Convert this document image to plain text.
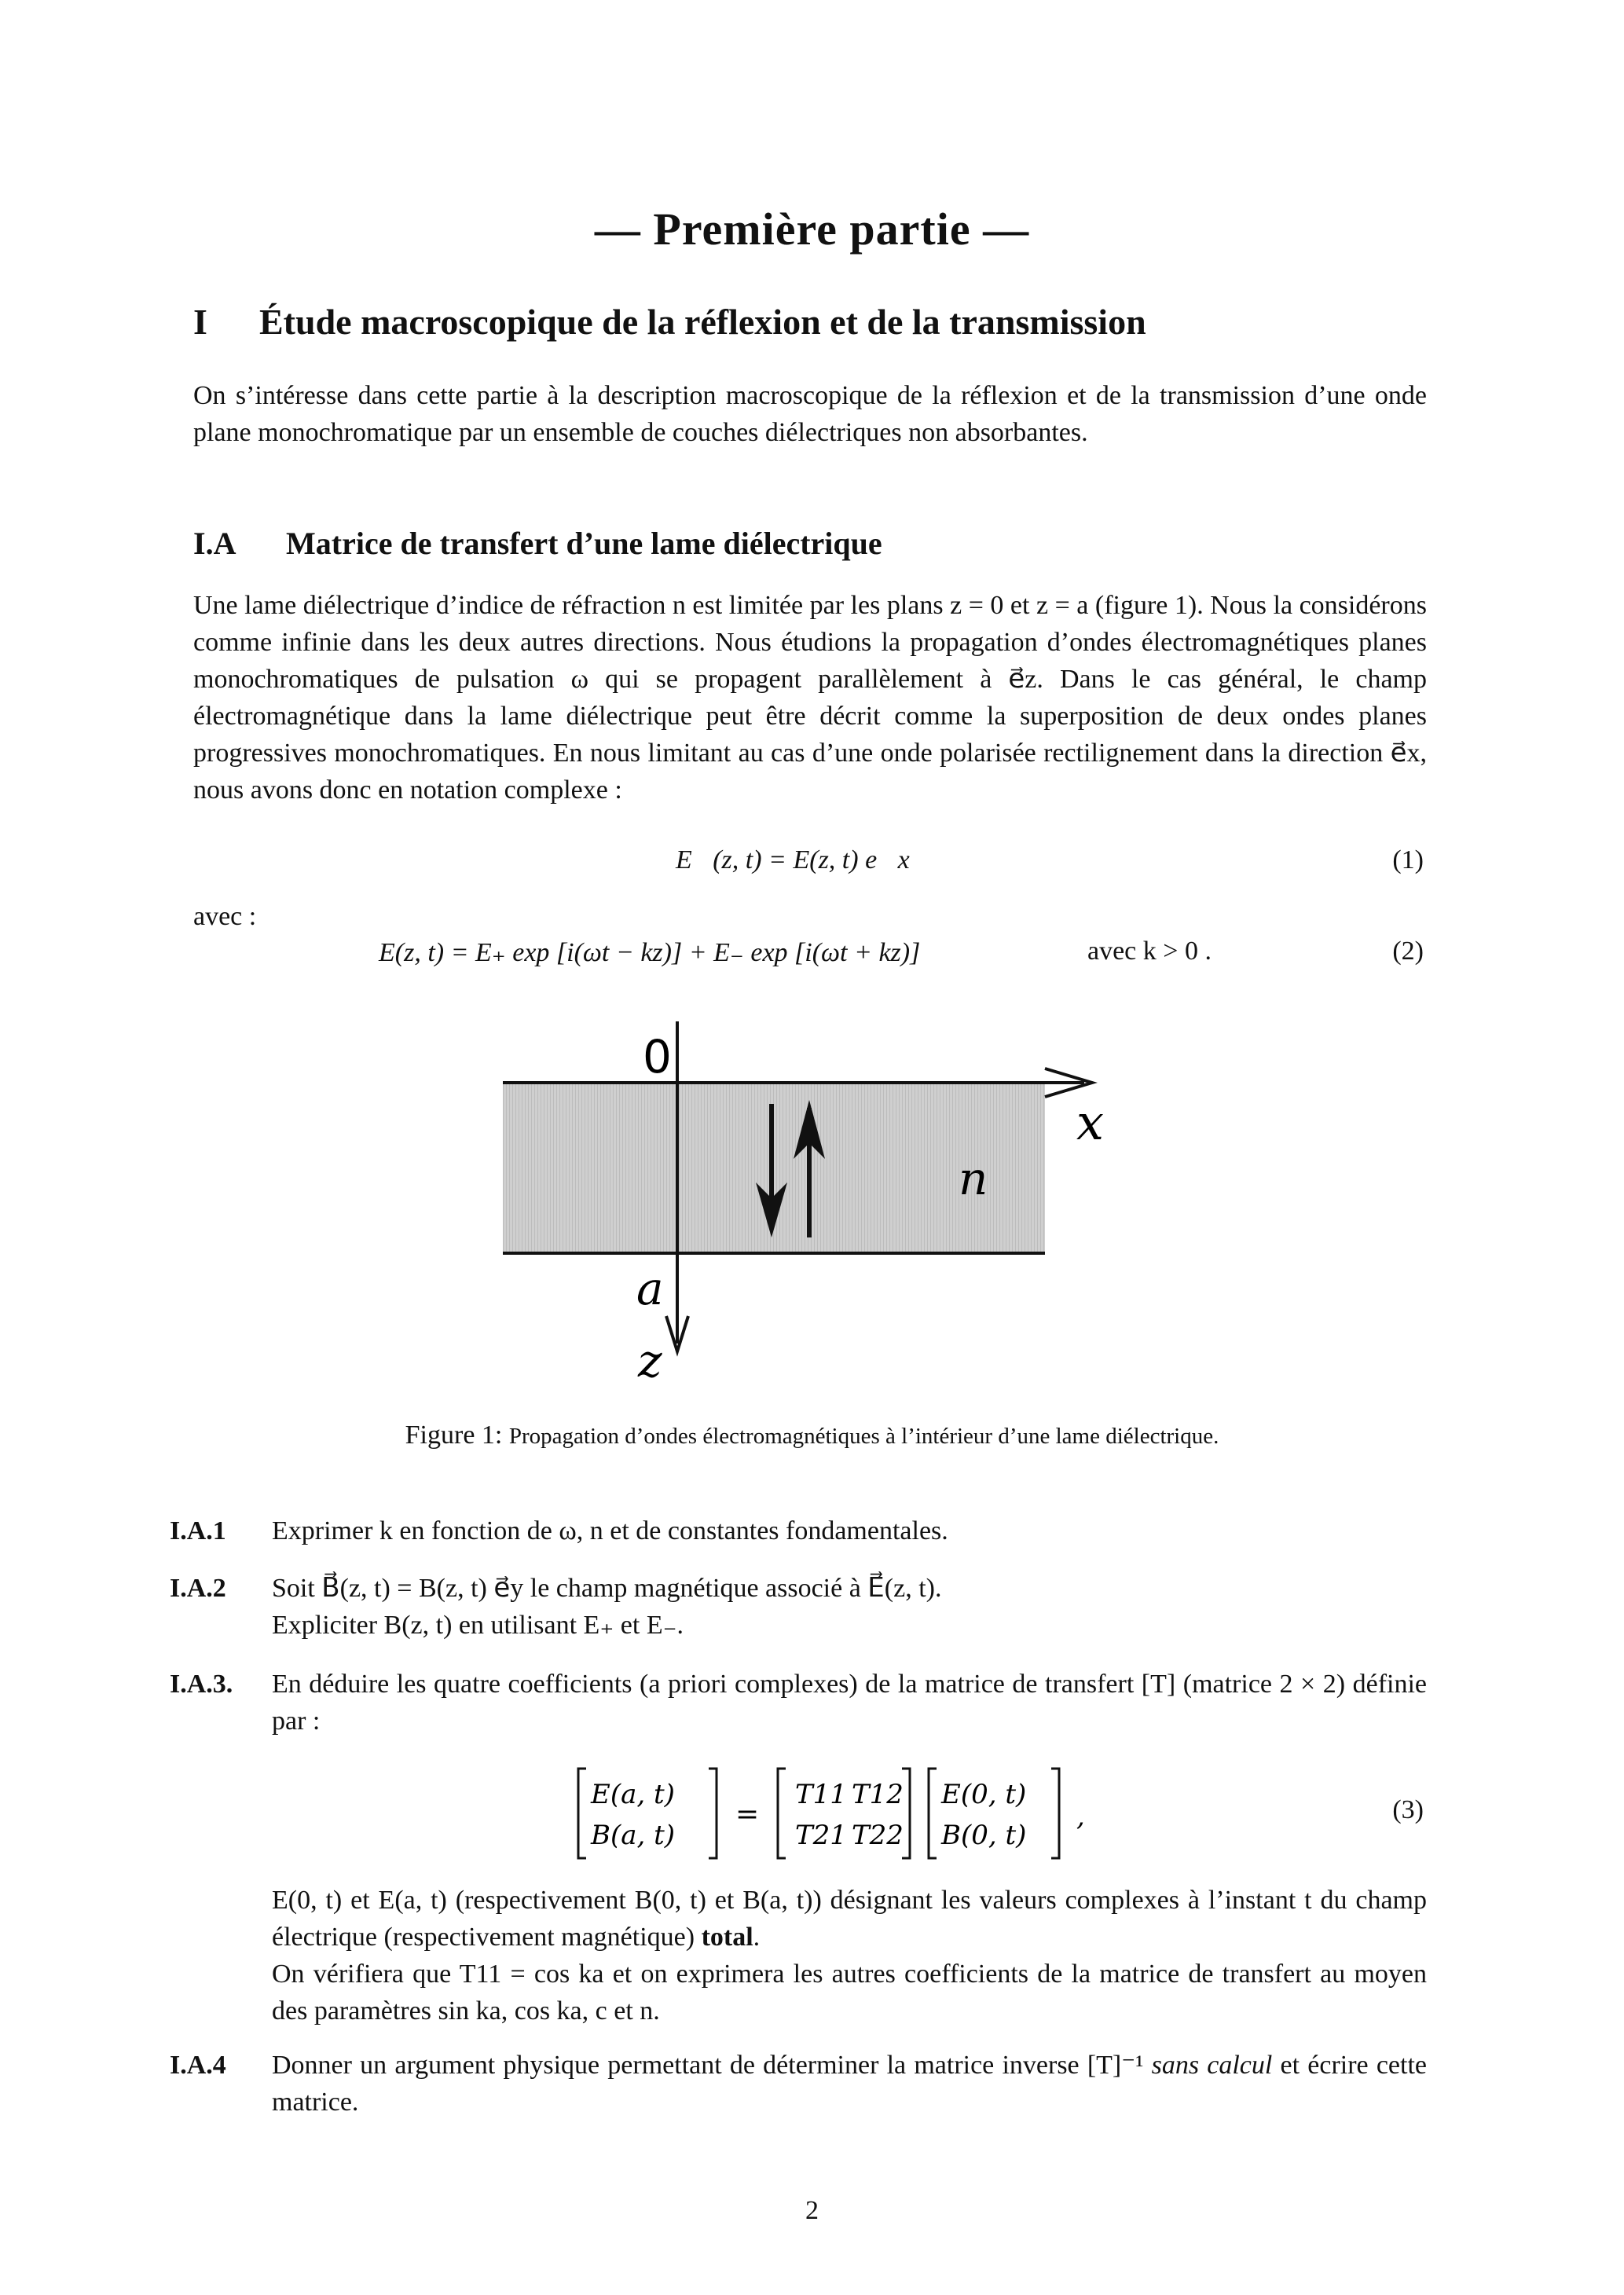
— Première partie —
I Étude macroscopique de la réflexion et de la transmission
On s’intéresse dans cette partie à la description macroscopique de la réflexion et de la transmission d’une onde plane monochromatique par un ensemble de couches diélectriques non absorbantes.
I.A Matrice de transfert d’une lame diélectrique
Une lame diélectrique d’indice de réfraction n est limitée par les plans z = 0 et z = a (figure 1). Nous la considérons comme infinie dans les deux autres directions. Nous étudions la propagation d’ondes électromagnétiques planes monochromatiques de pulsation ω qui se propagent parallèlement à e⃗z. Dans le cas général, le champ électromagnétique dans la lame diélectrique peut être décrit comme la superposition de deux ondes planes progressives monochromatiques. En nous limitant au cas d’une onde polarisée rectilignement dans la direction e⃗x, nous avons donc en notation complexe :
E⃗(z, t) = E(z, t) e⃗x	(1)
avec :
E(z, t) = E₊ exp [i(ωt − kz)] + E₋ exp [i(ωt + kz)]	avec k > 0 .	(2)
0
x
n
a
z
Figure 1: Propagation d’ondes électromagnétiques à l’intérieur d’une lame diélectrique.
I.A.1 Exprimer k en fonction de ω, n et de constantes fondamentales.
I.A.2 Soit B⃗(z, t) = B(z, t) e⃗y le champ magnétique associé à E⃗(z, t).
Expliciter B(z, t) en utilisant E₊ et E₋.
I.A.3. En déduire les quatre coefficients (a priori complexes) de la matrice de transfert [T] (matrice 2 × 2) définie par :
E(a, t)
B(a, t)
=
T11 T12
T21 T22
E(0, t)
B(0, t)
,	(3)
E(0, t) et E(a, t) (respectivement B(0, t) et B(a, t)) désignant les valeurs complexes à l’instant t du champ électrique (respectivement magnétique) total.
On vérifiera que T11 = cos ka et on exprimera les autres coefficients de la matrice de transfert au moyen des paramètres sin ka, cos ka, c et n.
I.A.4 Donner un argument physique permettant de déterminer la matrice inverse [T]⁻¹ sans calcul et écrire cette matrice.
2
